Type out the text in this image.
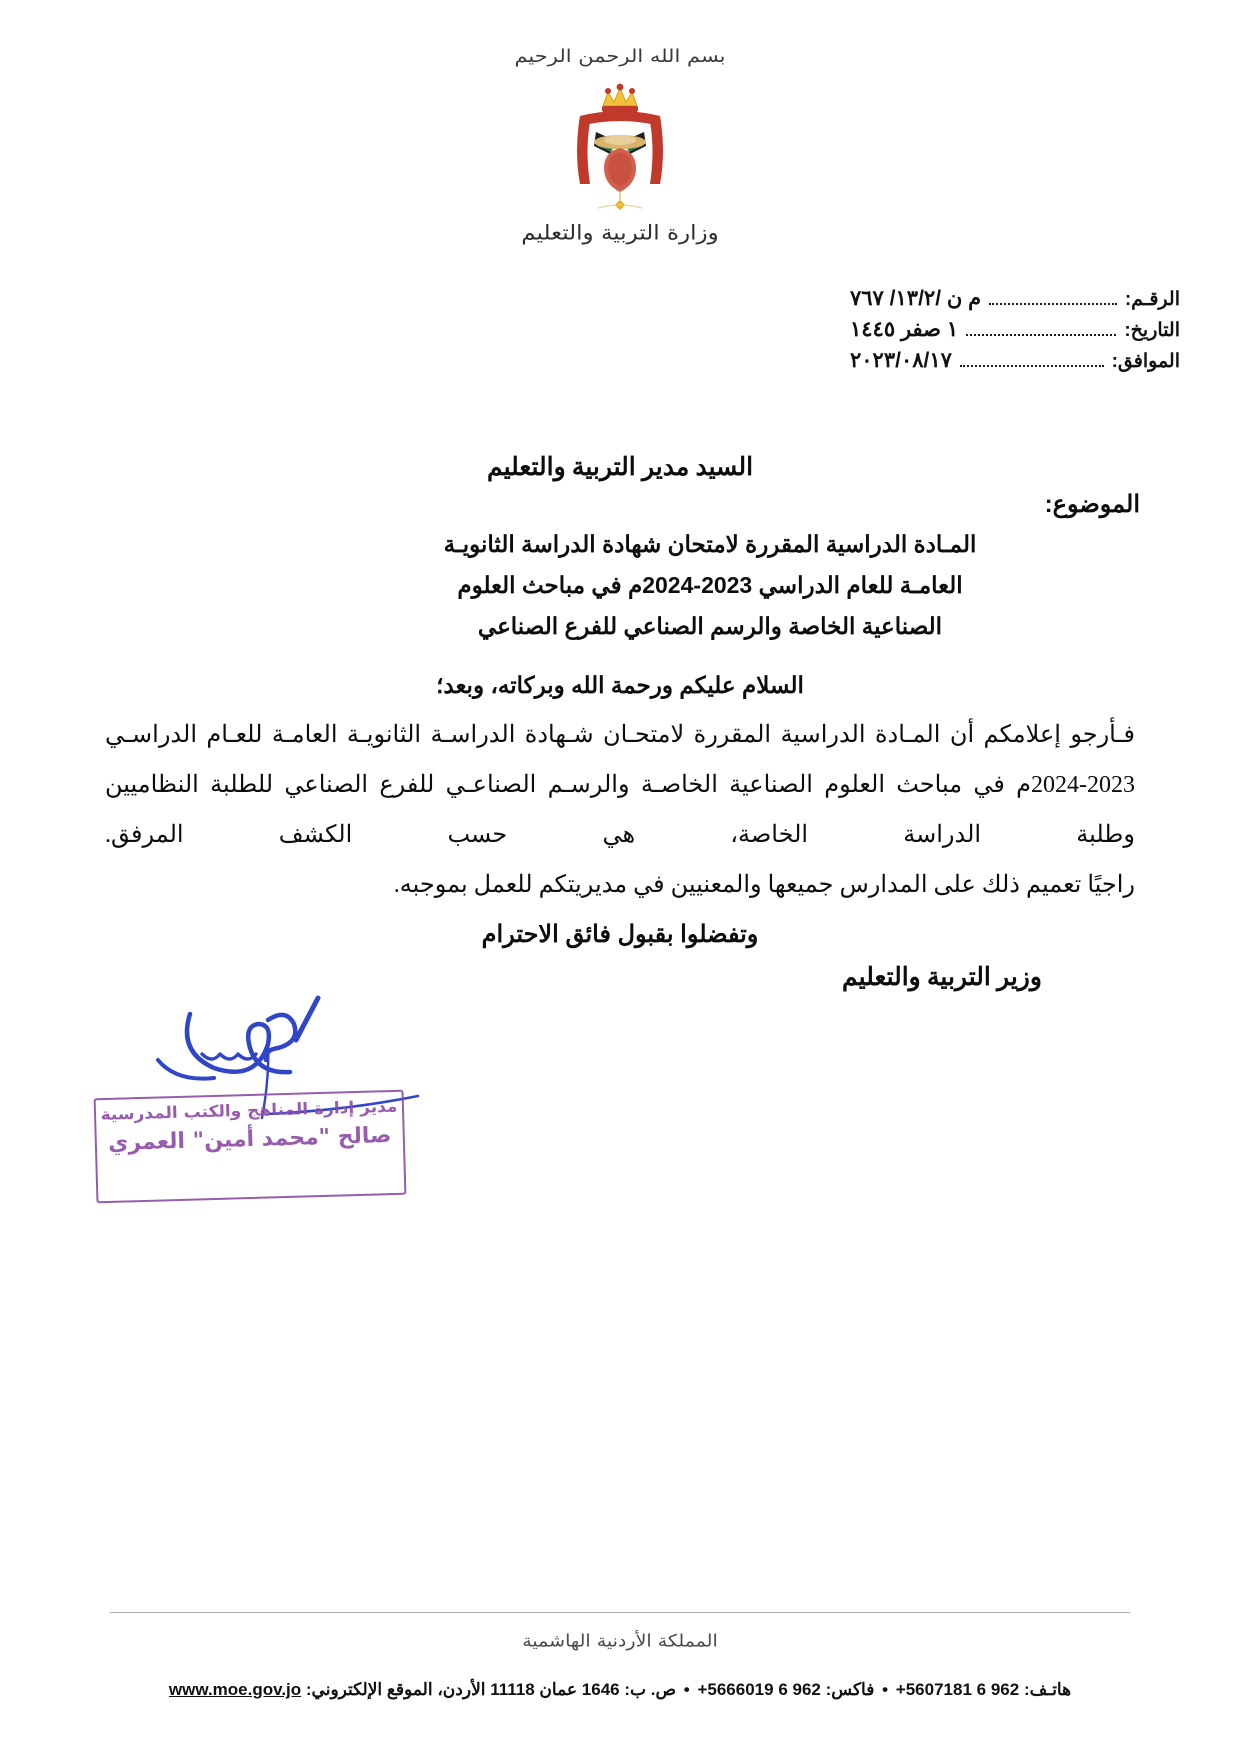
بسم الله الرحمن الرحيم
وزارة التربية والتعليم
الرقـم:
م ن /١٣/٢/ ٧٦٧
التاريخ:
١ صفر ١٤٤٥
الموافق:
٢٠٢٣/٠٨/١٧
السيد مدير التربية والتعليم
الموضوع:
المـادة الدراسية المقررة لامتحان شهادة الدراسة الثانويـة
العامـة للعام الدراسي 2023-2024م في مباحث العلوم
الصناعية الخاصة والرسم الصناعي للفرع الصناعي
السلام عليكم ورحمة الله وبركاته، وبعد؛
فـأرجو إعلامكم أن المـادة الدراسية المقررة لامتحـان شـهادة الدراسـة الثانويـة العامـة للعـام الدراسـي 2023-2024م في مباحث العلوم الصناعية الخاصـة والرسـم الصناعـي للفرع الصناعي للطلبة النظاميين وطلبة الدراسة الخاصة، هي حسب الكشف المرفق.
راجيًا تعميم ذلك على المدارس جميعها والمعنيين في مديريتكم للعمل بموجبه.
وتفضلوا بقبول فائق الاحترام
وزير التربية والتعليم
مدير إدارة المناهج والكتب المدرسية
صالح "محمد أمين" العمري
المملكة الأردنية الهاشمية
هاتـف: 962 6 5607181+ • فاكس: 962 6 5666019+ • ص. ب: 1646 عمان 11118 الأردن، الموقع الإلكتروني: www.moe.gov.jo
